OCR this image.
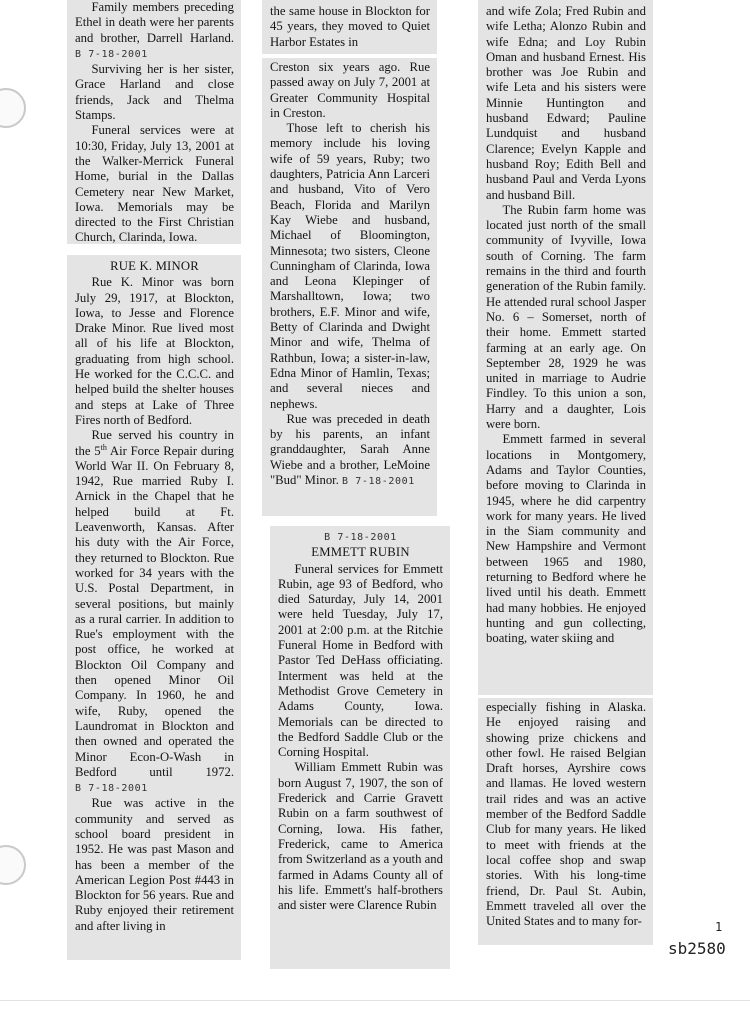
Family members preceding Ethel in death were her parents and brother, Darrell Harland. B 7-18-2001

Surviving her is her sister, Grace Harland and close friends, Jack and Thelma Stamps.

Funeral services were at 10:30, Friday, July 13, 2001 at the Walker-Merrick Funeral Home, burial in the Dallas Cemetery near New Market, Iowa. Memorials may be directed to the First Christian Church, Clarinda, Iowa.

RUE K. MINOR

Rue K. Minor was born July 29, 1917, at Blockton, Iowa, to Jesse and Florence Drake Minor. Rue lived most all of his life at Blockton, graduating from high school. He worked for the C.C.C. and helped build the shelter houses and steps at Lake of Three Fires north of Bedford.

Rue served his country in the 5th Air Force Repair during World War II. On February 8, 1942, Rue married Ruby I. Arnick in the Chapel that he helped build at Ft. Leavenworth, Kansas. After his duty with the Air Force, they returned to Blockton. Rue worked for 34 years with the U.S. Postal Department, in several positions, but mainly as a rural carrier. In addition to Rue's employment with the post office, he worked at Blockton Oil Company and then opened Minor Oil Company. In 1960, he and wife, Ruby, opened the Laundromat in Blockton and then owned and operated the Minor Econ-O-Wash in Bedford until 1972. B 7-18-2001

Rue was active in the community and served as school board president in 1952. He was past Mason and has been a member of the American Legion Post #443 in Blockton for 56 years. Rue and Ruby enjoyed their retirement and after living in

the same house in Blockton for 45 years, they moved to Quiet Harbor Estates in

Creston six years ago. Rue passed away on July 7, 2001 at Greater Community Hospital in Creston.

Those left to cherish his memory include his loving wife of 59 years, Ruby; two daughters, Patricia Ann Larceri and husband, Vito of Vero Beach, Florida and Marilyn Kay Wiebe and husband, Michael of Bloomington, Minnesota; two sisters, Cleone Cunningham of Clarinda, Iowa and Leona Klepinger of Marshalltown, Iowa; two brothers, E.F. Minor and wife, Betty of Clarinda and Dwight Minor and wife, Thelma of Rathbun, Iowa; a sister-in-law, Edna Minor of Hamlin, Texas; and several nieces and nephews.

Rue was preceded in death by his parents, an infant granddaughter, Sarah Anne Wiebe and a brother, LeMoine "Bud" Minor. B 7-18-2001

B 7-18-2001
EMMETT RUBIN

Funeral services for Emmett Rubin, age 93 of Bedford, who died Saturday, July 14, 2001 were held Tuesday, July 17, 2001 at 2:00 p.m. at the Ritchie Funeral Home in Bedford with Pastor Ted DeHass officiating. Interment was held at the Methodist Grove Cemetery in Adams County, Iowa. Memorials can be directed to the Bedford Saddle Club or the Corning Hospital.

William Emmett Rubin was born August 7, 1907, the son of Frederick and Carrie Gravett Rubin on a farm southwest of Corning, Iowa. His father, Frederick, came to America from Switzerland as a youth and farmed in Adams County all of his life. Emmett's half-brothers and sister were Clarence Rubin

and wife Zola; Fred Rubin and wife Letha; Alonzo Rubin and wife Edna; and Loy Rubin Oman and husband Ernest. His brother was Joe Rubin and wife Leta and his sisters were Minnie Huntington and husband Edward; Pauline Lundquist and husband Clarence; Evelyn Kapple and husband Roy; Edith Bell and husband Paul and Verda Lyons and husband Bill.

The Rubin farm home was located just north of the small community of Ivyville, Iowa south of Corning. The farm remains in the third and fourth generation of the Rubin family. He attended rural school Jasper No. 6 – Somerset, north of their home. Emmett started farming at an early age. On September 28, 1929 he was united in marriage to Audrie Findley. To this union a son, Harry and a daughter, Lois were born.

Emmett farmed in several locations in Montgomery, Adams and Taylor Counties, before moving to Clarinda in 1945, where he did carpentry work for many years. He lived in the Siam community and New Hampshire and Vermont between 1965 and 1980, returning to Bedford where he lived until his death. Emmett had many hobbies. He enjoyed hunting and gun collecting, boating, water skiing and

especially fishing in Alaska. He enjoyed raising and showing prize chickens and other fowl. He raised Belgian Draft horses, Ayrshire cows and llamas. He loved western trail rides and was an active member of the Bedford Saddle Club for many years. He liked to meet with friends at the local coffee shop and swap stories. With his long-time friend, Dr. Paul St. Aubin, Emmett traveled all over the United States and to many for-	1
sb2580
